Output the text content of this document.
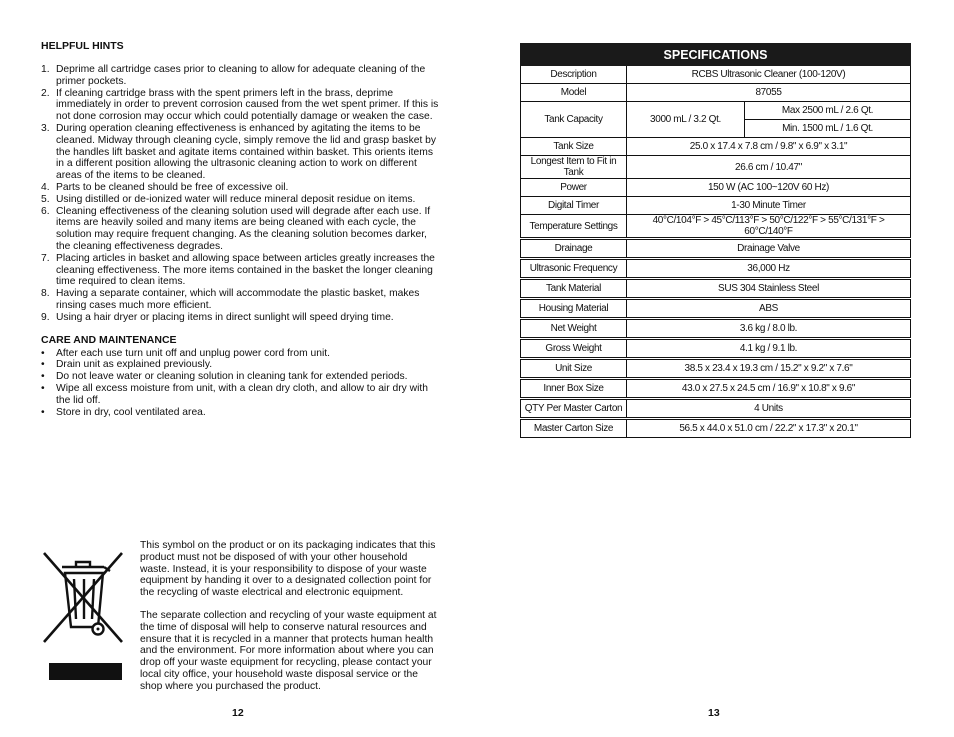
HELPFUL HINTS
1. Deprime all cartridge cases prior to cleaning to allow for adequate cleaning of the primer pockets.
2. If cleaning cartridge brass with the spent primers left in the brass, deprime immediately in order to prevent corrosion caused from the wet spent primer. If this is not done corrosion may occur which could potentially damage or weaken the case.
3. During operation cleaning effectiveness is enhanced by agitating the items to be cleaned. Midway through cleaning cycle, simply remove the lid and grasp basket by the handles lift basket and agitate items contained within basket. This orients items in a different position allowing the ultrasonic cleaning action to work on different areas of the items to be cleaned.
4. Parts to be cleaned should be free of excessive oil.
5. Using distilled or de-ionized water will reduce mineral deposit residue on items.
6. Cleaning effectiveness of the cleaning solution used will degrade after each use. If items are heavily soiled and many items are being cleaned with each cycle, the solution may require frequent changing. As the cleaning solution becomes darker, the cleaning effectiveness degrades.
7. Placing articles in basket and allowing space between articles greatly increases the cleaning effectiveness. The more items contained in the basket the longer cleaning time required to clean items.
8. Having a separate container, which will accommodate the plastic basket, makes rinsing cases much more efficient.
9. Using a hair dryer or placing items in direct sunlight will speed drying time.
CARE AND MAINTENANCE
•	After each use turn unit off and unplug power cord from unit.
•	Drain unit as explained previously.
•	Do not leave water or cleaning solution in cleaning tank for extended periods.
•	Wipe all excess moisture from unit, with a clean dry cloth, and allow to air dry with the lid off.
•	Store in dry, cool ventilated area.

This symbol on the product or on its packaging indicates that this product must not be disposed of with your other household waste. Instead, it is your responsibility to dispose of your waste equipment by handing it over to a designated collection point for the recycling of waste electrical and electronic equipment.

The separate collection and recycling of your waste equipment at the time of disposal will help to conserve natural resources and ensure that it is recycled in a manner that protects human health and the environment. For more information about where you can drop off your waste equipment for recycling, please contact your local city office, your household waste disposal service or the shop where you purchased the product.

12	13
SPECIFICATIONS		
Description	RCBS Ultrasonic Cleaner (100-120V)	
Model	87055	
Tank Capacity	3000 mL / 3.2 Qt.	Max 2500 mL / 2.6 Qt.
		Min. 1500 mL / 1.6 Qt.
Tank Size	25.0 x 17.4 x 7.8 cm / 9.8" x 6.9" x 3.1"	
Longest Item to Fit in Tank	26.6 cm / 10.47"	
Power	150 W (AC 100~120V 60 Hz)	
Digital Timer	1-30 Minute Timer	
Temperature Settings	40°C/104°F > 45°C/113°F > 50°C/122°F > 55°C/131°F > 60°C/140°F	

Drainage	Drainage Valve	

Ultrasonic Frequency	36,000 Hz	

Tank Material	SUS 304 Stainless Steel	

Housing Material	ABS	

Net Weight	3.6 kg / 8.0 lb.	

Gross Weight	4.1 kg / 9.1 lb.	

Unit Size	38.5 x 23.4 x 19.3 cm / 15.2" x 9.2" x 7.6"	

Inner Box Size	43.0 x 27.5 x 24.5 cm / 16.9" x 10.8" x 9.6"	

QTY Per Master Carton	4 Units	

Master Carton Size	56.5 x 44.0 x 51.0 cm / 22.2" x 17.3" x 20.1"	
